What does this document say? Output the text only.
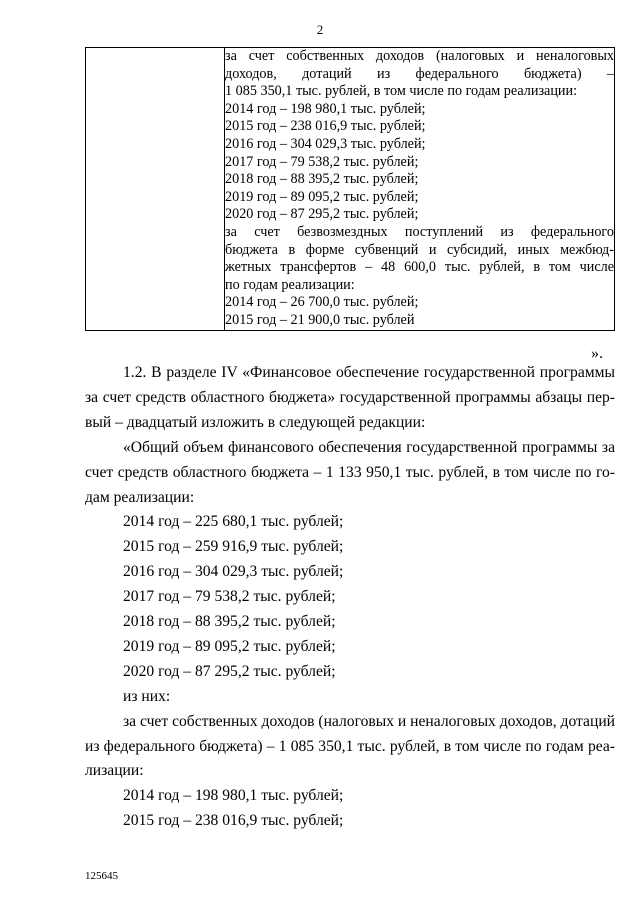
2

за счет собственных доходов (налоговых и неналоговых
доходов, дотаций из федерального бюджета) –
1 085 350,1 тыс. рублей, в том числе по годам реализации:
2014 год – 198 980,1 тыс. рублей;
2015 год – 238 016,9 тыс. рублей;
2016 год – 304 029,3 тыс. рублей;
2017 год – 79 538,2 тыс. рублей;
2018 год – 88 395,2 тыс. рублей;
2019 год – 89 095,2 тыс. рублей;
2020 год – 87 295,2 тыс. рублей;
за счет безвозмездных поступлений из федерального
бюджета в форме субвенций и субсидий, иных межбюд-
жетных трансфертов – 48 600,0 тыс. рублей, в том числе
по годам реализации:
2014 год – 26 700,0 тыс. рублей;
2015 год – 21 900,0 тыс. рублей
».
1.2. В разделе IV «Финансовое обеспечение государственной программы
за счет средств областного бюджета» государственной программы абзацы пер-
вый – двадцатый изложить в следующей редакции:
«Общий объем финансового обеспечения государственной программы за
счет средств областного бюджета – 1 133 950,1 тыс. рублей, в том числе по го-
дам реализации:
2014 год – 225 680,1 тыс. рублей;
2015 год – 259 916,9 тыс. рублей;
2016 год – 304 029,3 тыс. рублей;
2017 год – 79 538,2 тыс. рублей;
2018 год – 88 395,2 тыс. рублей;
2019 год – 89 095,2 тыс. рублей;
2020 год – 87 295,2 тыс. рублей;
из них:
за счет собственных доходов (налоговых и неналоговых доходов, дотаций
из федерального бюджета) – 1 085 350,1 тыс. рублей, в том числе по годам реа-
лизации:
2014 год – 198 980,1 тыс. рублей;
2015 год – 238 016,9 тыс. рублей;
125645
